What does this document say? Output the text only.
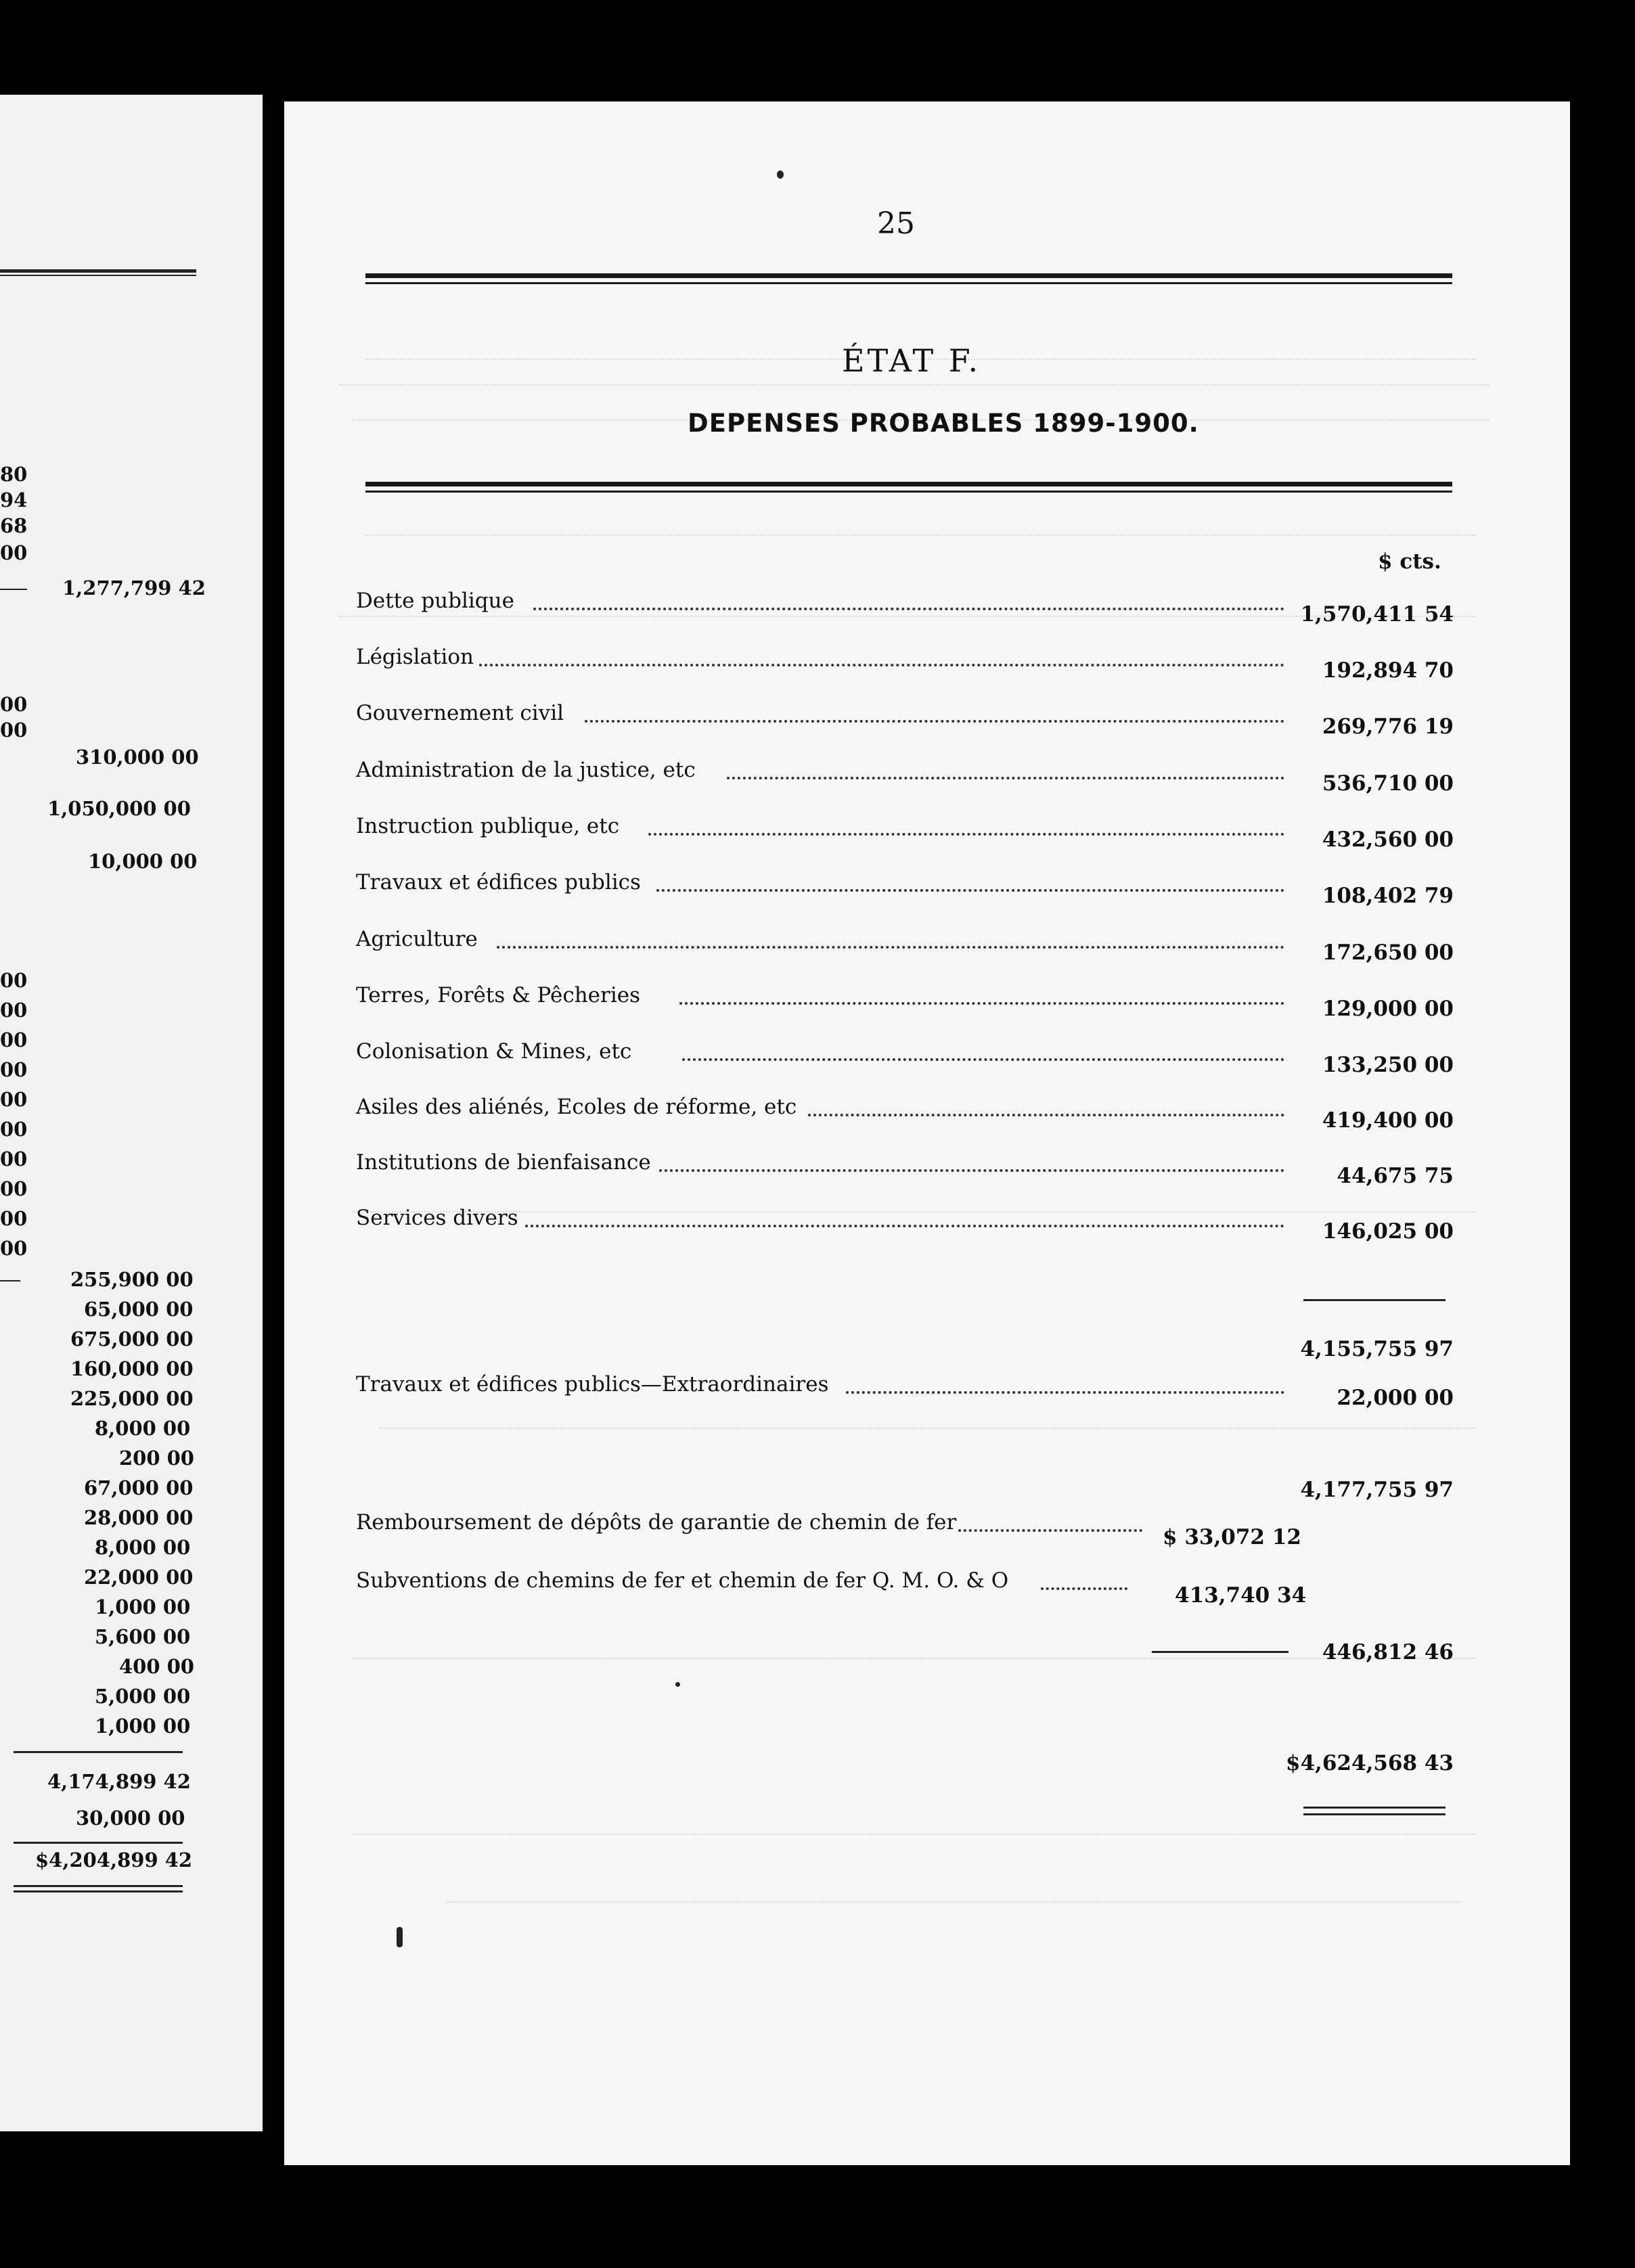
80
94
68
00
1,277,799 42
00
00
310,000 00
1,050,000 00
10,000 00
00
00
00
00
00
00
00
00
00
00
255,900 00
65,000 00
675,000 00
160,000 00
225,000 00
8,000 00
200 00
67,000 00
28,000 00
8,000 00
22,000 00
1,000 00
5,600 00
400 00
5,000 00
1,000 00
4,174,899 42
30,000 00
$4,204,899 42
25
ÉTAT F.
DEPENSES PROBABLES 1899-1900.
$ cts.
Dette publique
1,570,411 54
Législation
192,894 70
Gouvernement civil
269,776 19
Administration de la justice, etc
536,710 00
Instruction publique, etc
432,560 00
Travaux et édifices publics
108,402 79
Agriculture
172,650 00
Terres, Forêts & Pêcheries
129,000 00
Colonisation & Mines, etc
133,250 00
Asiles des aliénés, Ecoles de réforme, etc
419,400 00
Institutions de bienfaisance
44,675 75
Services divers
146,025 00
4,155,755 97
Travaux et édifices publics—Extraordinaires
22,000 00
4,177,755 97
Remboursement de dépôts de garantie de chemin de fer
$ 33,072 12
Subventions de chemins de fer et chemin de fer Q. M. O. & O
413,740 34
446,812 46
$4,624,568 43
